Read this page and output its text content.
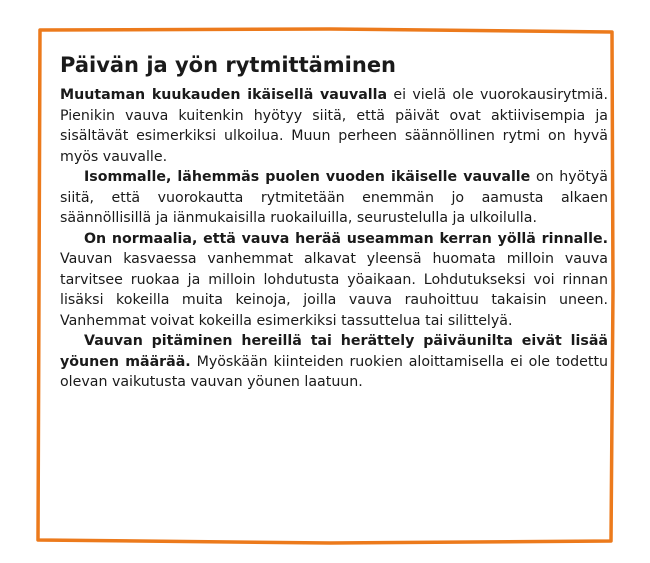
Päivän ja yön rytmittäminen

Muutaman kuukauden ikäisellä vauvalla ei vielä ole vuorokausirytmiä. Pienikin vauva kuitenkin hyötyy siitä, että päivät ovat aktiivisempia ja sisältävät esimerkiksi ulkoilua. Muun perheen säännöllinen rytmi on hyvä myös vauvalle.

Isommalle, lähemmäs puolen vuoden ikäiselle vauvalle on hyötyä siitä, että vuorokautta rytmitetään enemmän jo aamusta alkaen säännöllisillä ja iänmukaisilla ruokailuilla, seurustelulla ja ulkoilulla.

On normaalia, että vauva herää useamman kerran yöllä rinnalle. Vauvan kasvaessa vanhemmat alkavat yleensä huomata milloin vauva tarvitsee ruokaa ja milloin lohdutusta yöaikaan. Lohdutukseksi voi rinnan lisäksi kokeilla muita keinoja, joilla vauva rauhoittuu takaisin uneen. Vanhemmat voivat kokeilla esimerkiksi tassuttelua tai silittelyä.

Vauvan pitäminen hereillä tai herättely päiväunilta eivät lisää yöunen määrää. Myöskään kiinteiden ruokien aloittamisella ei ole todettu olevan vaikutusta vauvan yöunen laatuun.
